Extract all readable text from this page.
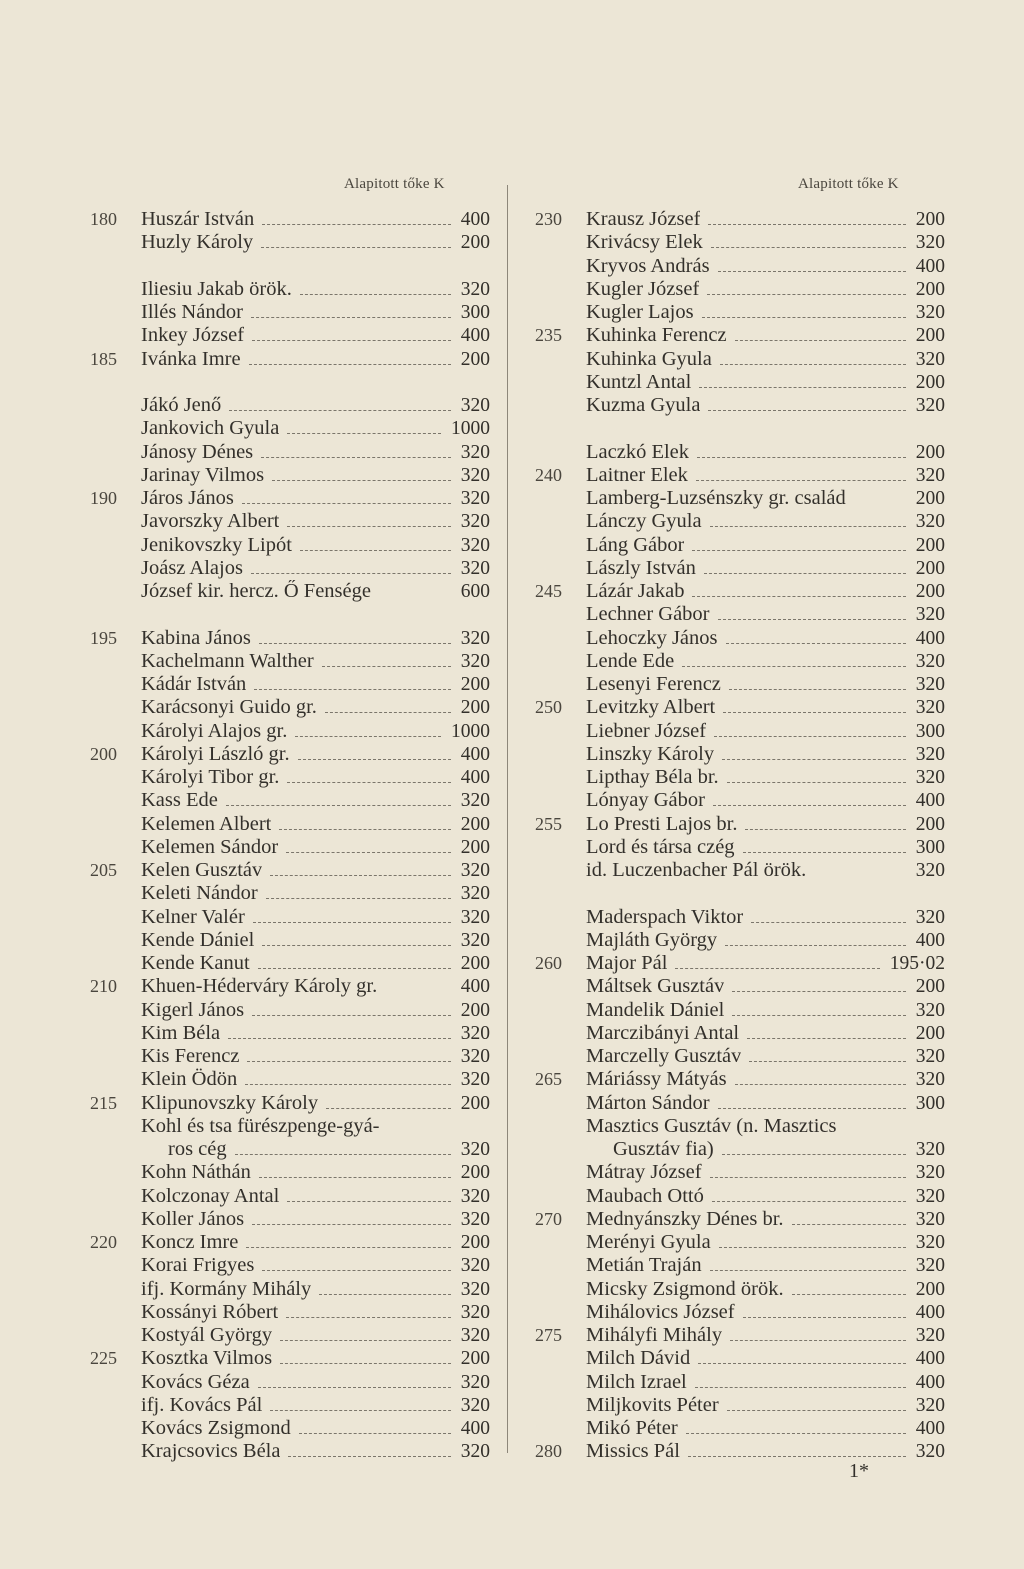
Alapitott tőke K	Alapitott tőke K
180	Huszár István	400
Huzly Károly	200
Iliesiu Jakab örök.	320
Illés Nándor	300
Inkey József	400
185	Ivánka Imre	200
Jákó Jenő	320
Jankovich Gyula	1000
Jánosy Dénes	320
Jarinay Vilmos	320
190	Járos János	320
Javorszky Albert	320
Jenikovszky Lipót	320
Joász Alajos	320
József kir. hercz. Ő Fensége	600
195	Kabina János	320
Kachelmann Walther	320
Kádár István	200
Karácsonyi Guido gr.	200
Károlyi Alajos gr.	1000
200	Károlyi László gr.	400
Károlyi Tibor gr.	400
Kass Ede	320
Kelemen Albert	200
Kelemen Sándor	200
205	Kelen Gusztáv	320
Keleti Nándor	320
Kelner Valér	320
Kende Dániel	320
Kende Kanut	200
210	Khuen-Héderváry Károly gr.	400
Kigerl János	200
Kim Béla	320
Kis Ferencz	320
Klein Ödön	320
215	Klipunovszky Károly	200
Kohl és tsa fürészpenge-gyá-
ros cég	320
Kohn Náthán	200
Kolczonay Antal	320
Koller János	320
220	Koncz Imre	200
Korai Frigyes	320
ifj. Kormány Mihály	320
Kossányi Róbert	320
Kostyál György	320
225	Kosztka Vilmos	200
Kovács Géza	320
ifj. Kovács Pál	320
Kovács Zsigmond	400
Krajcsovics Béla	320
230	Krausz József	200
Krivácsy Elek	320
Kryvos András	400
Kugler József	200
Kugler Lajos	320
235	Kuhinka Ferencz	200
Kuhinka Gyula	320
Kuntzl Antal	200
Kuzma Gyula	320
Laczkó Elek	200
240	Laitner Elek	320
Lamberg-Luzsénszky gr. család	200
Lánczy Gyula	320
Láng Gábor	200
Lászly István	200
245	Lázár Jakab	200
Lechner Gábor	320
Lehoczky János	400
Lende Ede	320
Lesenyi Ferencz	320
250	Levitzky Albert	320
Liebner József	300
Linszky Károly	320
Lipthay Béla br.	320
Lónyay Gábor	400
255	Lo Presti Lajos br.	200
Lord és társa czég	300
id. Luczenbacher Pál örök.	320
Maderspach Viktor	320
Majláth György	400
260	Major Pál	195·02
Máltsek Gusztáv	200
Mandelik Dániel	320
Marczibányi Antal	200
Marczelly Gusztáv	320
265	Máriássy Mátyás	320
Márton Sándor	300
Masztics Gusztáv (n. Masztics
Gusztáv fia)	320
Mátray József	320
Maubach Ottó	320
270	Mednyánszky Dénes br.	320
Merényi Gyula	320
Metián Traján	320
Micsky Zsigmond örök.	200
Mihálovics József	400
275	Mihályfi Mihály	320
Milch Dávid	400
Milch Izrael	400
Miljkovits Péter	320
Mikó Péter	400
280	Missics Pál	320
1*
